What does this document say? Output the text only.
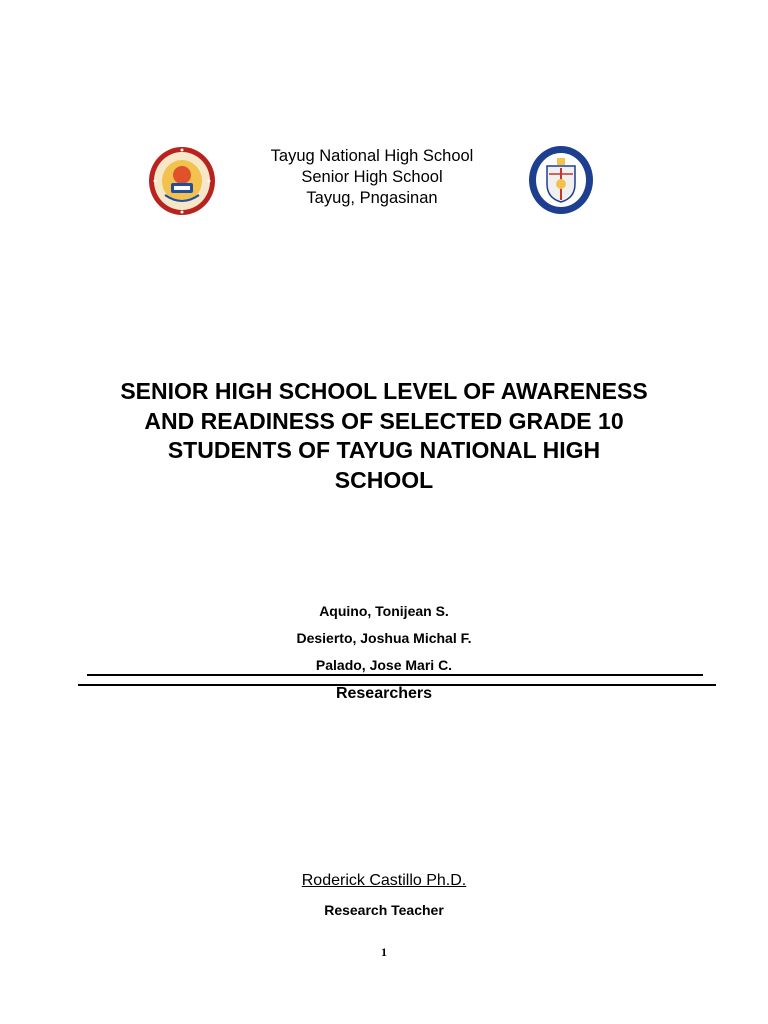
Tayug National High School
Senior High School
Tayug, Pngasinan
SENIOR HIGH SCHOOL LEVEL OF AWARENESS
AND READINESS OF SELECTED GRADE 10
STUDENTS OF TAYUG NATIONAL HIGH
SCHOOL
Aquino, Tonijean S.
Desierto, Joshua Michal F.
Palado, Jose Mari C.
Researchers
Roderick Castillo Ph.D.
Research Teacher
1
